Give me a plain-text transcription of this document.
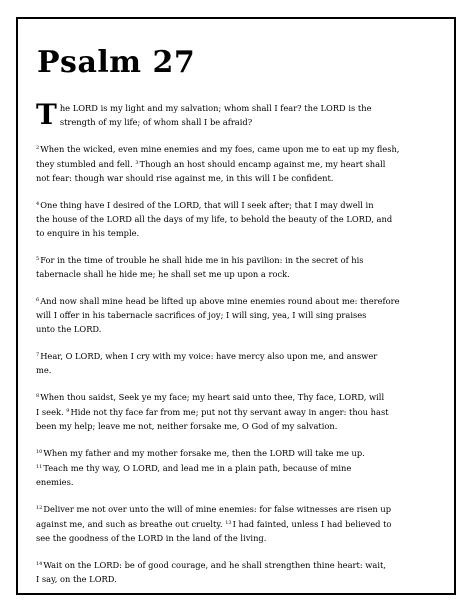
Psalm 27
T he LORD is my light and my salvation; whom shall I fear? the LORD is the
strength of my life; of whom shall I be afraid?
$^2$When the wicked, even mine enemies and my foes, came upon me to eat up my flesh,
they stumbled and fell. $^3$Though an host should encamp against me, my heart shall
not fear: though war should rise against me, in this will I be confident.
$^4$One thing have I desired of the LORD, that will I seek after; that I may dwell in
the house of the LORD all the days of my life, to behold the beauty of the LORD, and
to enquire in his temple.
$^5$For in the time of trouble he shall hide me in his pavilion: in the secret of his
tabernacle shall he hide me; he shall set me up upon a rock.
$^6$And now shall mine head be lifted up above mine enemies round about me: therefore
will I offer in his tabernacle sacrifices of joy; I will sing, yea, I will sing praises
unto the LORD.
$^7$Hear, O LORD, when I cry with my voice: have mercy also upon me, and answer
me.
$^8$When thou saidst, Seek ye my face; my heart said unto thee, Thy face, LORD, will
I seek. $^9$Hide not thy face far from me; put not thy servant away in anger: thou hast
been my help; leave me not, neither forsake me, O God of my salvation.
$^{10}$When my father and my mother forsake me, then the LORD will take me up.
$^{11}$Teach me thy way, O LORD, and lead me in a plain path, because of mine
enemies.
$^{12}$Deliver me not over unto the will of mine enemies: for false witnesses are risen up
against me, and such as breathe out cruelty. $^{13}$I had fainted, unless I had believed to
see the goodness of the LORD in the land of the living.
$^{14}$Wait on the LORD: be of good courage, and he shall strengthen thine heart: wait,
I say, on the LORD.
